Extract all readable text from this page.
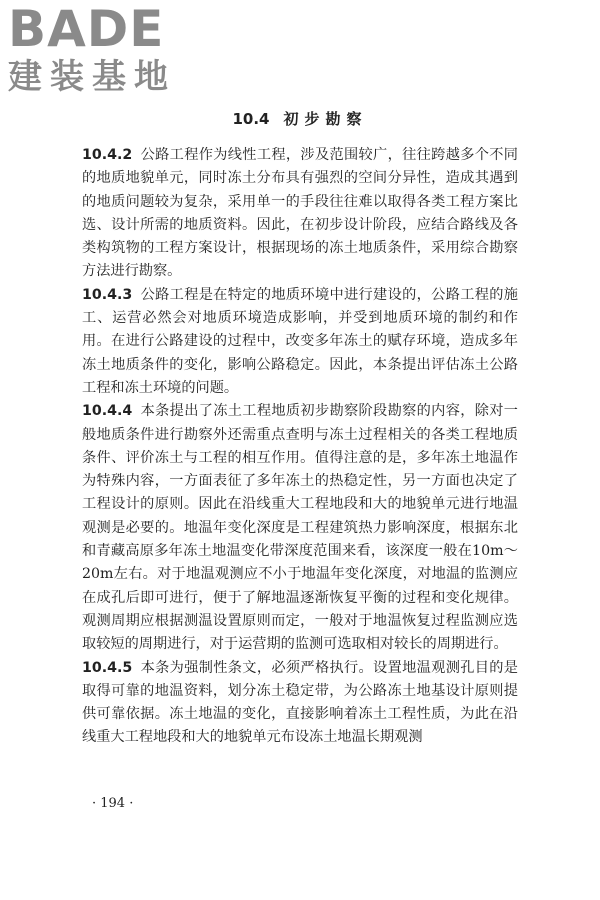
BADE
建装基地
10.4 初步勘察

10.4.2 公路工程作为线性工程，涉及范围较广，往往跨越多个不同的地质地貌单元，同时冻土分布具有强烈的空间分异性，造成其遇到的地质问题较为复杂，采用单一的手段往往难以取得各类工程方案比选、设计所需的地质资料。因此，在初步设计阶段，应结合路线及各类构筑物的工程方案设计，根据现场的冻土地质条件，采用综合勘察方法进行勘察。

10.4.3 公路工程是在特定的地质环境中进行建设的，公路工程的施工、运营必然会对地质环境造成影响，并受到地质环境的制约和作用。在进行公路建设的过程中，改变多年冻土的赋存环境，造成多年冻土地质条件的变化，影响公路稳定。因此，本条提出评估冻土公路工程和冻土环境的问题。

10.4.4 本条提出了冻土工程地质初步勘察阶段勘察的内容，除对一般地质条件进行勘察外还需重点查明与冻土过程相关的各类工程地质条件、评价冻土与工程的相互作用。值得注意的是，多年冻土地温作为特殊内容，一方面表征了多年冻土的热稳定性，另一方面也决定了工程设计的原则。因此在沿线重大工程地段和大的地貌单元进行地温观测是必要的。地温年变化深度是工程建筑热力影响深度，根据东北和青藏高原多年冻土地温变化带深度范围来看，该深度一般在10m～20m左右。对于地温观测应不小于地温年变化深度，对地温的监测应在成孔后即可进行，便于了解地温逐渐恢复平衡的过程和变化规律。观测周期应根据测温设置原则而定，一般对于地温恢复过程监测应选取较短的周期进行，对于运营期的监测可选取相对较长的周期进行。

10.4.5 本条为强制性条文，必须严格执行。设置地温观测孔目的是取得可靠的地温资料，划分冻土稳定带，为公路冻土地基设计原则提供可靠依据。冻土地温的变化，直接影响着冻土工程性质，为此在沿线重大工程地段和大的地貌单元布设冻土地温长期观测

· 194 ·
